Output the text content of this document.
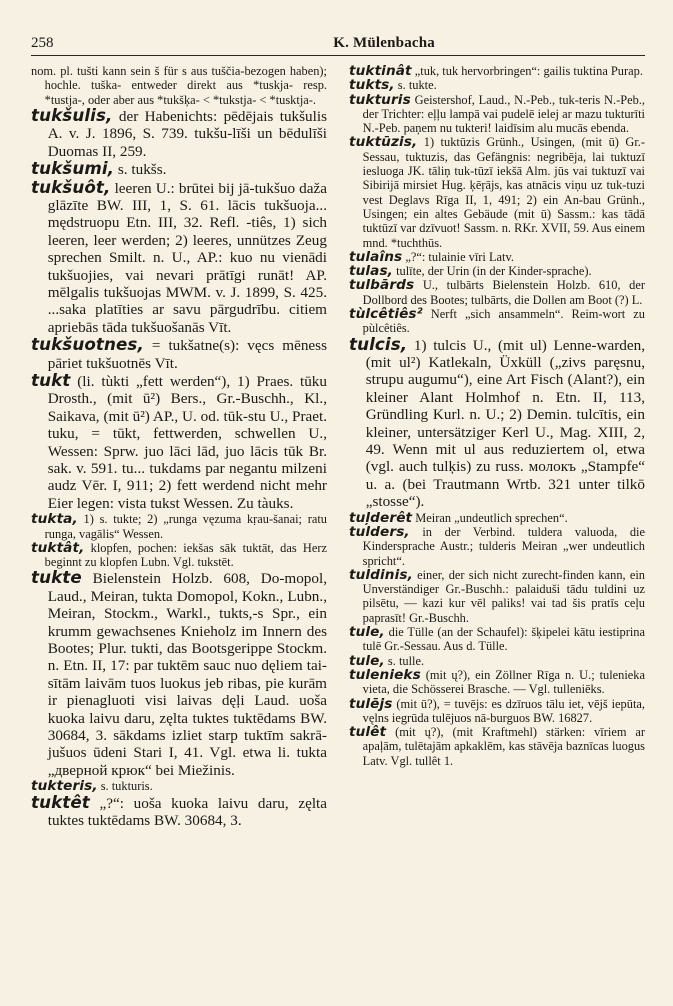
258	K. Mülenbacha

nom. pl. tušti kann sein š für s aus tuščia-bezogen haben); hochle. tuška- entweder direkt aus *tuskja- resp. *tustja-, oder aber aus *tukšķa- < *tukstja- < *tusktja-.

tukšulis, der Habenichts: pēdējais tukšulis A. v. J. 1896, S. 739. tukšu-līši un bēdulīši Duomas II, 259.

tukšumi, s. tukšs.

tukšuôt, leeren U.: brūtei bij jā-tukšuo daža glāzīte BW. III, 1, S. 61. lācis tukšuoja... mędstruopu Etn. III, 32. Refl. -tiês, 1) sich leeren, leer werden; 2) leeres, unnützes Zeug sprechen Smilt. n. U., AP.: kuo nu vienādi tukšuojies, vai nevari prātīgi runāt! AP. mēlgalis tukšuojas MWM. v. J. 1899, S. 425. ...saka platīties ar savu pārgudrību. citiem apriebās tāda tukšuošanās Vīt.

tukšuotnes, = tukšatne(s): vęcs mēness pāriet tukšuotnēs Vīt.

tukt (li. tùkti „fett werden“), 1) Praes. tūku Drosth., (mit ū²) Bers., Gr.-Buschh., Kl., Saikava, (mit ū²) AP., U. od. tūk-stu U., Praet. tuku, = tūkt, fettwerden, schwellen U., Wessen: Sprw. juo lāci lād, juo lācis tūk Br. sak. v. 591. tu... tukdams par negantu milzeni audz Vēr. I, 911; 2) fett werdend nicht mehr Eier legen: vista tukst Wessen. Zu tàuks.

tukta, 1) s. tukte; 2) „runga vęzuma kṛau-šanai; ratu runga, vagālis“ Wessen.

tuktât, klopfen, pochen: iekšas sāk tuktāt, das Herz beginnt zu klopfen Lubn. Vgl. tukstēt.

tukte Bielenstein Holzb. 608, Do-mopol, Laud., Meiran, tukta Domopol, Kokn., Lubn., Meiran, Stockm., Warkl., tukts,-s Spr., ein krumm gewachsenes Knieholz im Innern des Bootes; Plur. tukti, das Bootsgerippe Stockm. n. Etn. II, 17: par tuktēm sauc nuo dęliem tai-sītām laivām tuos luokus jeb ribas, pie kurām ir pienagluoti visi laivas dęļi Laud. uoša kuoka laivu daru, zęlta tuktes tuktēdams BW. 30684, 3. sākdams izliet starp tuktīm sakrā-jušuos ūdeni Stari I, 41. Vgl. etwa li. tukta „дверной крюк“ bei Miežinis.

tukteris, s. tukturis.

tuktêt „?“: uoša kuoka laivu daru, zęlta tuktes tuktēdams BW. 30684, 3.

tuktinât „tuk, tuk hervorbringen“: gailis tuktina Purap.

tukts, s. tukte.

tukturis Geistershof, Laud., N.-Peb., tuk-teris N.-Peb., der Trichter: eļļu lampā vai pudelē ielej ar mazu tukturīti N.-Peb. paņem nu tukteri! laidīsim alu mucās ebenda.

tuktūzis, 1) tuktūzis Grünh., Usingen, (mit ū) Gr.-Sessau, tuktuzis, das Gefängnis: negribēja, lai tuktuzī iesluoga JK. tāliņ tuk-tūzī iekšā Alm. jūs vai tuktuzī vai Sibirijā mirsiet Hug. ķēŗājs, kas atnācis viņu uz tuk-tuzi vest Deglavs Rīga II, 1, 491; 2) ein An-bau Grünh., Usingen; ein altes Gebäude (mit ū) Sassm.: kas tādā tuktūzī var dzīvuot! Sassm. n. RKr. XVII, 59. Aus einem mnd. *tuchthūs.

tulaîns „?“: tulainie vīri Latv.

tulas, tulīte, der Urin (in der Kinder-sprache).

tulbārds U., tulbārts Bielenstein Holzb. 610, der Dollbord des Bootes; tulbārts, die Dollen am Boot (?) L.

tùlcêtiês² Nerft „sich ansammeln“. Reim-wort zu pùlcêtiês.

tulcis, 1) tulcis U., (mit ul) Lenne-warden, (mit ul²) Katlekaln, Üxküll („zivs paręsnu, strupu augumu“), eine Art Fisch (Alant?), ein kleiner Alant Holmhof n. Etn. II, 113, Gründling Kurl. n. U.; 2) Demin. tulcītis, ein kleiner, untersätziger Kerl U., Mag. XIII, 2, 49. Wenn mit ul aus reduziertem ol, etwa (vgl. auch tulķis) zu russ. молокъ „Stampfe“ u. a. (bei Trautmann Wrtb. 321 unter tilkō „stosse“).

tuļderêt Meiran „undeutlich sprechen“.

tulders, in der Verbind. tuldera valuoda, die Kindersprache Austr.; tulderis Meiran „wer undeutlich spricht“.

tuldinis, einer, der sich nicht zurecht-finden kann, ein Unverständiger Gr.-Buschh.: palaiduši tādu tuldini uz pilsētu, — kazi kur vēl paliks! vai tad šis pratīs ceļu paprasīt! Gr.-Buschh.

tule, die Tülle (an der Schaufel): šķipelei kātu iestiprina tulē Gr.-Sessau. Aus d. Tülle.

tule, s. tulle.

tulenieks (mit ų?), ein Zöllner Rīga n. U.; tulenieka vieta, die Schösserei Brasche. — Vgl. tulleniēks.

tulējs (mit ū?), = tuvējs: es dzīruos tālu iet, vējš iepūta, vęlns iegrūda tulējuos nā-burguos BW. 16827.

tulêt (mit ų?), (mit Kraftmehl) stärken: vīriem ar apaļām, tulētajām apkaklēm, kas stāvēja baznīcas luogus Latv. Vgl. tullêt 1.
